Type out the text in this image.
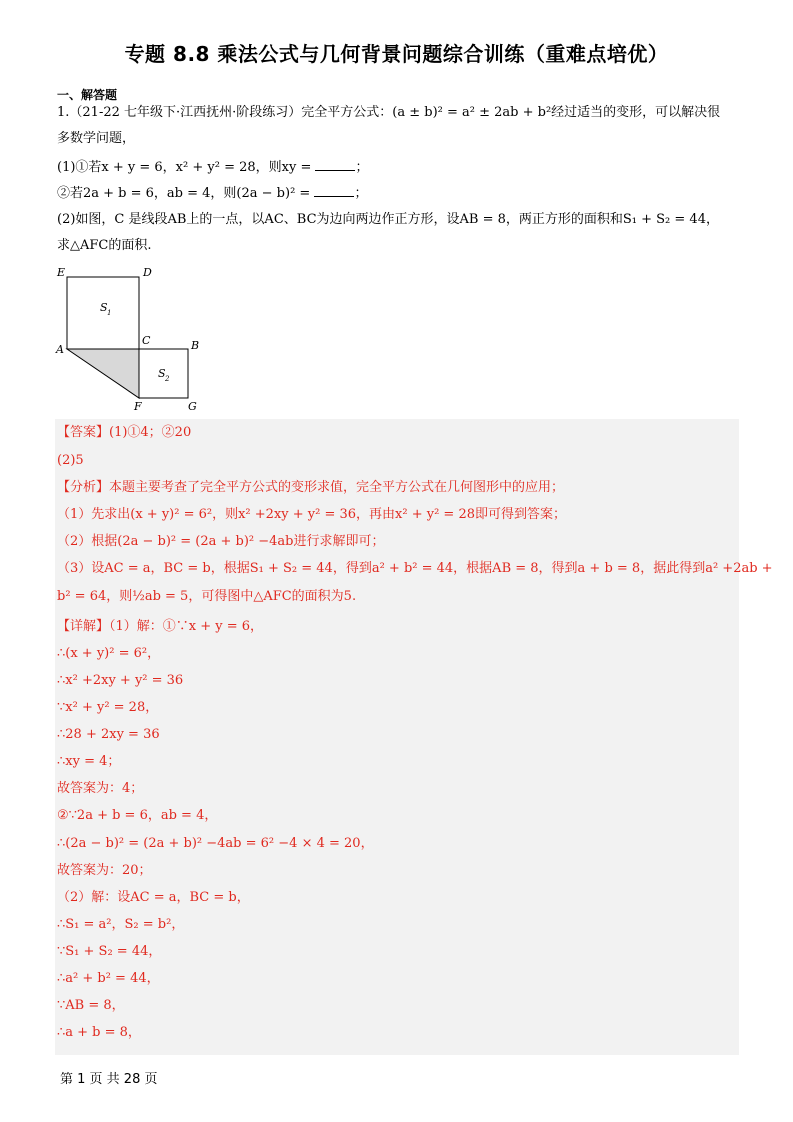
专题 8.8 乘法公式与几何背景问题综合训练（重难点培优）
一、解答题
1.（21-22 七年级下·江西抚州·阶段练习）完全平方公式：(a ± b)² = a² ± 2ab + b²经过适当的变形，可以解决很
多数学问题，
(1)①若x + y = 6，x² + y² = 28，则xy =	；
②若2a + b = 6，ab = 4，则(2a − b)² =	；
(2)如图，C 是线段AB上的一点，以AC、BC为边向两边作正方形，设AB = 8，两正方形的面积和S₁ + S₂ = 44，
求△AFC的面积.
E	D
S 1
C	B
A
S 2
F	G
【答案】(1)①4；②20
(2)5
【分析】本题主要考查了完全平方公式的变形求值，完全平方公式在几何图形中的应用；
（1）先求出(x + y)² = 6²，则x² +2xy + y² = 36，再由x² + y² = 28即可得到答案；
（2）根据(2a − b)² = (2a + b)² −4ab进行求解即可；
（3）设AC = a，BC = b，根据S₁ + S₂ = 44，得到a² + b² = 44，根据AB = 8，得到a + b = 8，据此得到a² +2ab +
b² = 64，则½ab = 5，可得图中△AFC的面积为5.
【详解】（1）解：①∵x + y = 6，
∴(x + y)² = 6²，
∴x² +2xy + y² = 36
∵x² + y² = 28，
∴28 + 2xy = 36
∴xy = 4；
故答案为：4；
②∵2a + b = 6，ab = 4，
∴(2a − b)² = (2a + b)² −4ab = 6² −4 × 4 = 20，
故答案为：20；
（2）解：设AC = a，BC = b，
∴S₁ = a²，S₂ = b²，
∵S₁ + S₂ = 44，
∴a² + b² = 44，
∵AB = 8，
∴a + b = 8，
第 1 页 共 28 页
